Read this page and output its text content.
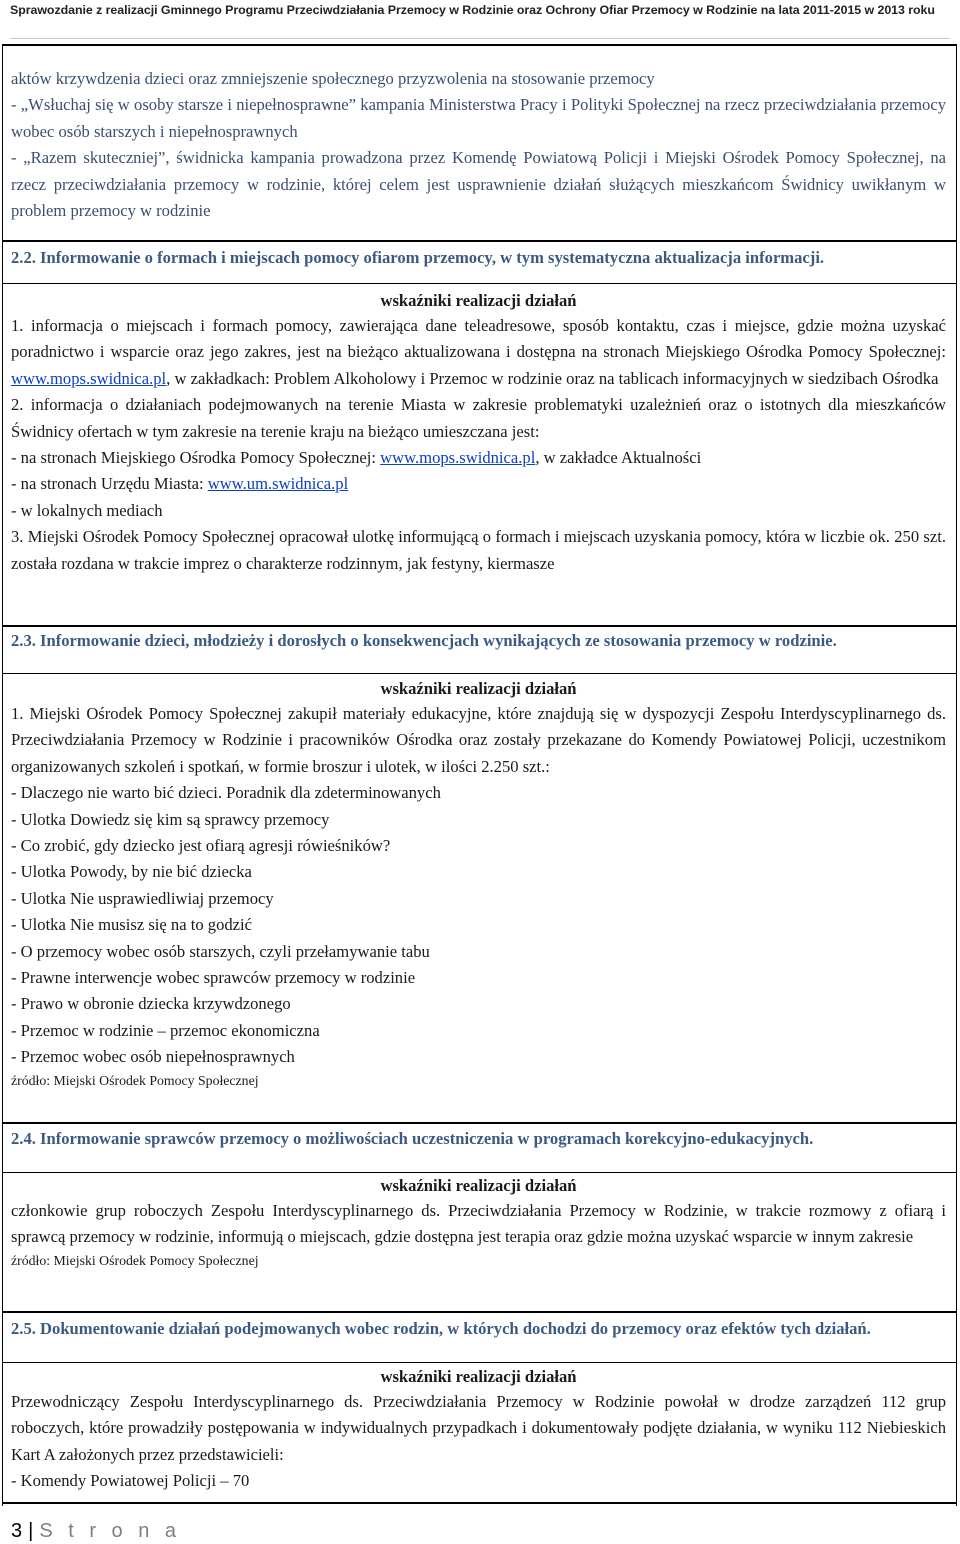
Sprawozdanie z realizacji Gminnego Programu Przeciwdziałania Przemocy w Rodzinie oraz Ochrony Ofiar Przemocy w Rodzinie na lata 2011-2015 w 2013 roku

aktów krzywdzenia dzieci oraz zmniejszenie społecznego przyzwolenia na stosowanie przemocy

- „Wsłuchaj się w osoby starsze i niepełnosprawne” kampania Ministerstwa Pracy i Polityki Społecznej na rzecz przeciwdziałania przemocy wobec osób starszych i niepełnosprawnych

- „Razem skuteczniej”, świdnicka kampania prowadzona przez Komendę Powiatową Policji i Miejski Ośrodek Pomocy Społecznej, na rzecz przeciwdziałania przemocy w rodzinie, której celem jest usprawnienie działań służących mieszkańcom Świdnicy uwikłanym w problem przemocy w rodzinie

2.2. Informowanie o formach i miejscach pomocy ofiarom przemocy, w tym systematyczna aktualizacja informacji.

wskaźniki realizacji działań

1. informacja o miejscach i formach pomocy, zawierająca dane teleadresowe, sposób kontaktu, czas i miejsce, gdzie można uzyskać poradnictwo i wsparcie oraz jego zakres, jest na bieżąco aktualizowana i dostępna na stronach Miejskiego Ośrodka Pomocy Społecznej: www.mops.swidnica.pl, w zakładkach: Problem Alkoholowy i Przemoc w rodzinie oraz na tablicach informacyjnych w siedzibach Ośrodka

2. informacja o działaniach podejmowanych na terenie Miasta w zakresie problematyki uzależnień oraz o istotnych dla mieszkańców Świdnicy ofertach w tym zakresie na terenie kraju na bieżąco umieszczana jest:

- na stronach Miejskiego Ośrodka Pomocy Społecznej: www.mops.swidnica.pl, w zakładce Aktualności

- na stronach Urzędu Miasta: www.um.swidnica.pl

- w lokalnych mediach

3. Miejski Ośrodek Pomocy Społecznej opracował ulotkę informującą o formach i miejscach uzyskania pomocy, która w liczbie ok. 250 szt. została rozdana w trakcie imprez o charakterze rodzinnym, jak festyny, kiermasze

2.3. Informowanie dzieci, młodzieży i dorosłych o konsekwencjach wynikających ze stosowania przemocy w rodzinie.

wskaźniki realizacji działań

1. Miejski Ośrodek Pomocy Społecznej zakupił materiały edukacyjne, które znajdują się w dyspozycji Zespołu Interdyscyplinarnego ds. Przeciwdziałania Przemocy w Rodzinie i pracowników Ośrodka oraz zostały przekazane do Komendy Powiatowej Policji, uczestnikom organizowanych szkoleń i spotkań, w formie broszur i ulotek, w ilości 2.250 szt.:

- Dlaczego nie warto bić dzieci. Poradnik dla zdeterminowanych

- Ulotka Dowiedz się kim są sprawcy przemocy

- Co zrobić, gdy dziecko jest ofiarą agresji rówieśników?

- Ulotka Powody, by nie bić dziecka

- Ulotka Nie usprawiedliwiaj przemocy

- Ulotka Nie musisz się na to godzić

- O przemocy wobec osób starszych, czyli przełamywanie tabu

- Prawne interwencje wobec sprawców przemocy w rodzinie

- Prawo w obronie dziecka krzywdzonego

- Przemoc w rodzinie – przemoc ekonomiczna

- Przemoc wobec osób niepełnosprawnych

źródło: Miejski Ośrodek Pomocy Społecznej

2.4. Informowanie sprawców przemocy o możliwościach uczestniczenia w programach korekcyjno-edukacyjnych.

wskaźniki realizacji działań

członkowie grup roboczych Zespołu Interdyscyplinarnego ds. Przeciwdziałania Przemocy w Rodzinie, w trakcie rozmowy z ofiarą i sprawcą przemocy w rodzinie, informują o miejscach, gdzie dostępna jest terapia oraz gdzie można uzyskać wsparcie w innym zakresie

źródło: Miejski Ośrodek Pomocy Społecznej

2.5. Dokumentowanie działań podejmowanych wobec rodzin, w których dochodzi do przemocy oraz efektów tych działań.

wskaźniki realizacji działań

Przewodniczący Zespołu Interdyscyplinarnego ds. Przeciwdziałania Przemocy w Rodzinie powołał w drodze zarządzeń 112 grup roboczych, które prowadziły postępowania w indywidualnych przypadkach i dokumentowały podjęte działania, w wyniku 112 Niebieskich Kart A założonych przez przedstawicieli:

- Komendy Powiatowej Policji – 70

3 | S t r o n a
